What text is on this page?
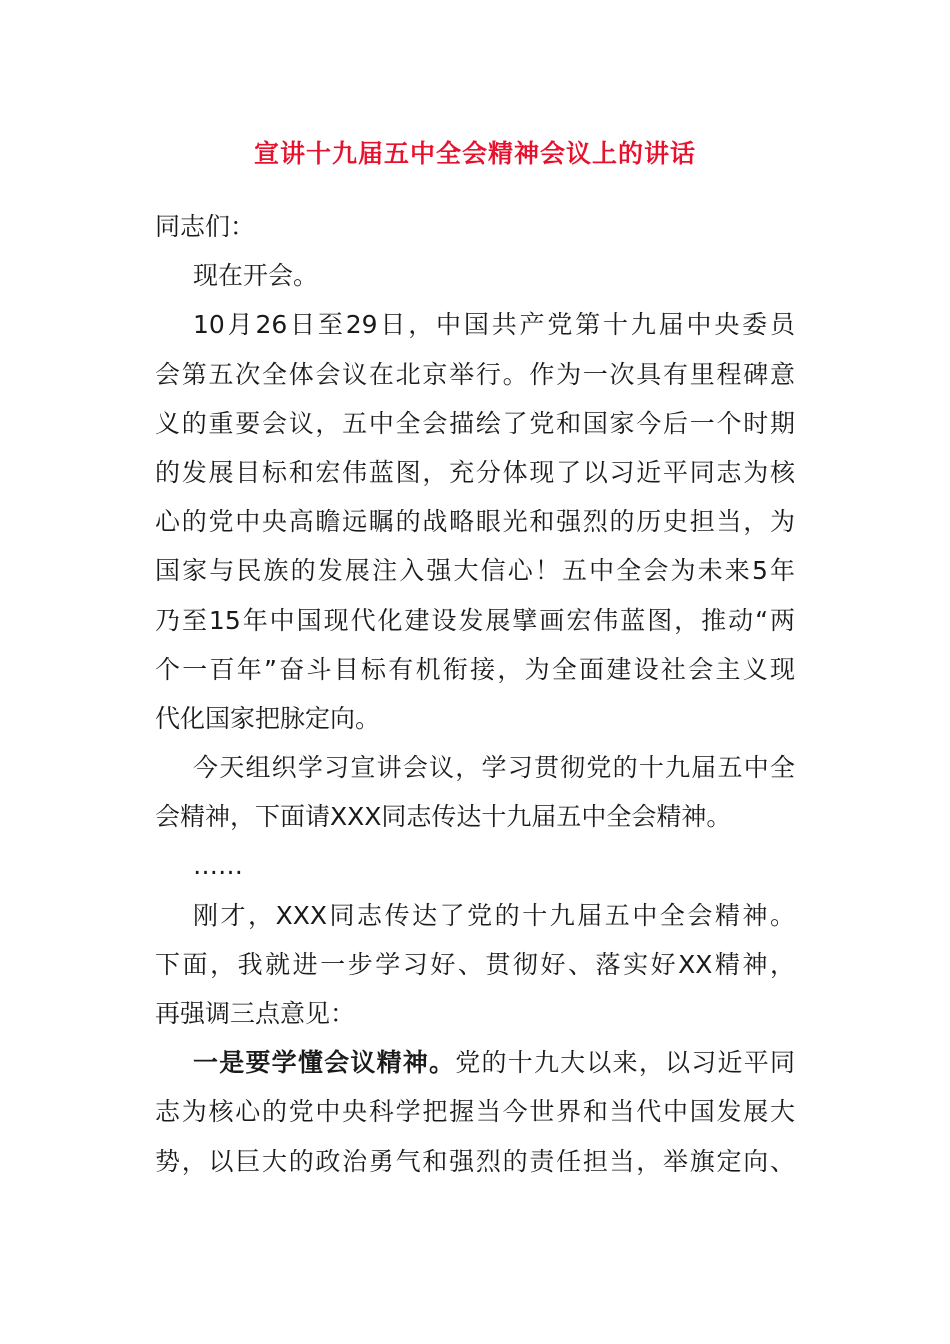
宣讲十九届五中全会精神会议上的讲话
同志们：
现在开会。
10月26日至29日，中国共产党第十九届中央委员
会第五次全体会议在北京举行。作为一次具有里程碑意
义的重要会议，五中全会描绘了党和国家今后一个时期
的发展目标和宏伟蓝图，充分体现了以习近平同志为核
心的党中央高瞻远瞩的战略眼光和强烈的历史担当，为
国家与民族的发展注入强大信心！五中全会为未来5年
乃至15年中国现代化建设发展擘画宏伟蓝图，推动“两
个一百年”奋斗目标有机衔接，为全面建设社会主义现
代化国家把脉定向。
今天组织学习宣讲会议，学习贯彻党的十九届五中全
会精神，下面请XXX同志传达十九届五中全会精神。
……
刚才，XXX同志传达了党的十九届五中全会精神。
下面，我就进一步学习好、贯彻好、落实好XX精神，
再强调三点意见：
一是要学懂会议精神。党的十九大以来，以习近平同
志为核心的党中央科学把握当今世界和当代中国发展大
势，以巨大的政治勇气和强烈的责任担当，举旗定向、
